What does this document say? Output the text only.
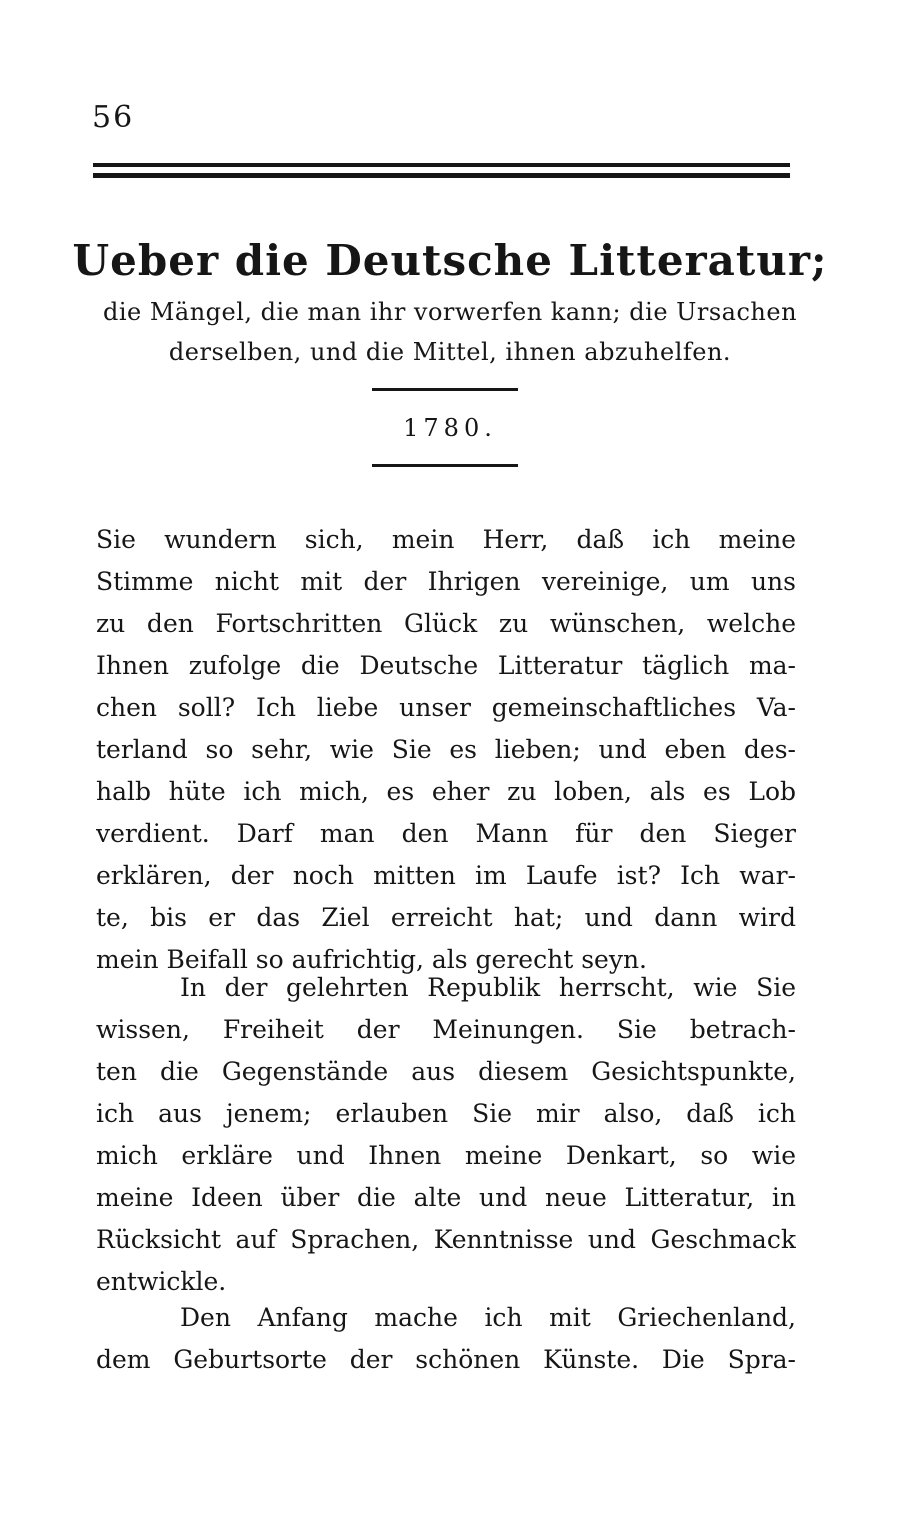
56
Ueber die Deutsche Litteratur;
die Mängel, die man ihr vorwerfen kann; die Ursachen
derselben, und die Mittel, ihnen abzuhelfen.
1780.
Sie wundern sich, mein Herr, daß ich meine
Stimme nicht mit der Ihrigen vereinige, um uns
zu den Fortschritten Glück zu wünschen, welche
Ihnen zufolge die Deutsche Litteratur täglich ma-
chen soll? Ich liebe unser gemeinschaftliches Va-
terland so sehr, wie Sie es lieben; und eben des-
halb hüte ich mich, es eher zu loben, als es Lob
verdient. Darf man den Mann für den Sieger
erklären, der noch mitten im Laufe ist? Ich war-
te, bis er das Ziel erreicht hat; und dann wird
mein Beifall so aufrichtig, als gerecht seyn.
In der gelehrten Republik herrscht, wie Sie
wissen, Freiheit der Meinungen. Sie betrach-
ten die Gegenstände aus diesem Gesichtspunkte,
ich aus jenem; erlauben Sie mir also, daß ich
mich erkläre und Ihnen meine Denkart, so wie
meine Ideen über die alte und neue Litteratur, in
Rücksicht auf Sprachen, Kenntnisse und Geschmack
entwickle.
Den Anfang mache ich mit Griechenland,
dem Geburtsorte der schönen Künste. Die Spra-
